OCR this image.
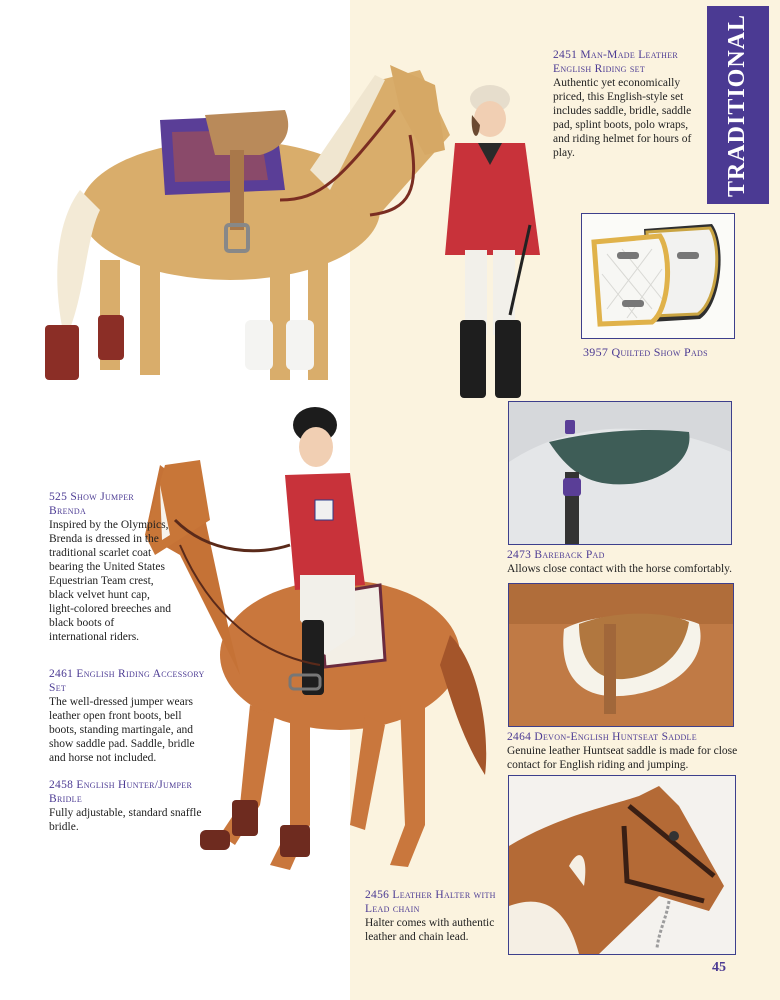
TRADITIONAL
2451 Man-Made Leather English Riding set
Authentic yet economically priced, this English-style set includes saddle, bridle, saddle pad, splint boots, polo wraps, and riding helmet for hours of play.
3957 Quilted Show Pads
2473 Bareback Pad
Allows close contact with the horse comfortably.
2464 Devon-English Huntseat Saddle
Genuine leather Huntseat saddle is made for close contact for English riding and jumping.
2456 Leather Halter with Lead chain
Halter comes with authentic leather and chain lead.
525 Show Jumper Brenda
Inspired by the Olympics, Brenda is dressed in the traditional scarlet coat bearing the United States Equestrian Team crest, black velvet hunt cap, light-colored breeches and black boots of international riders.
2461 English Riding Accessory Set
The well-dressed jumper wears leather open front boots, bell boots, standing martingale, and show saddle pad. Saddle, bridle and horse not included.
2458 English Hunter/Jumper Bridle
Fully adjustable, standard snaffle bridle.
45
